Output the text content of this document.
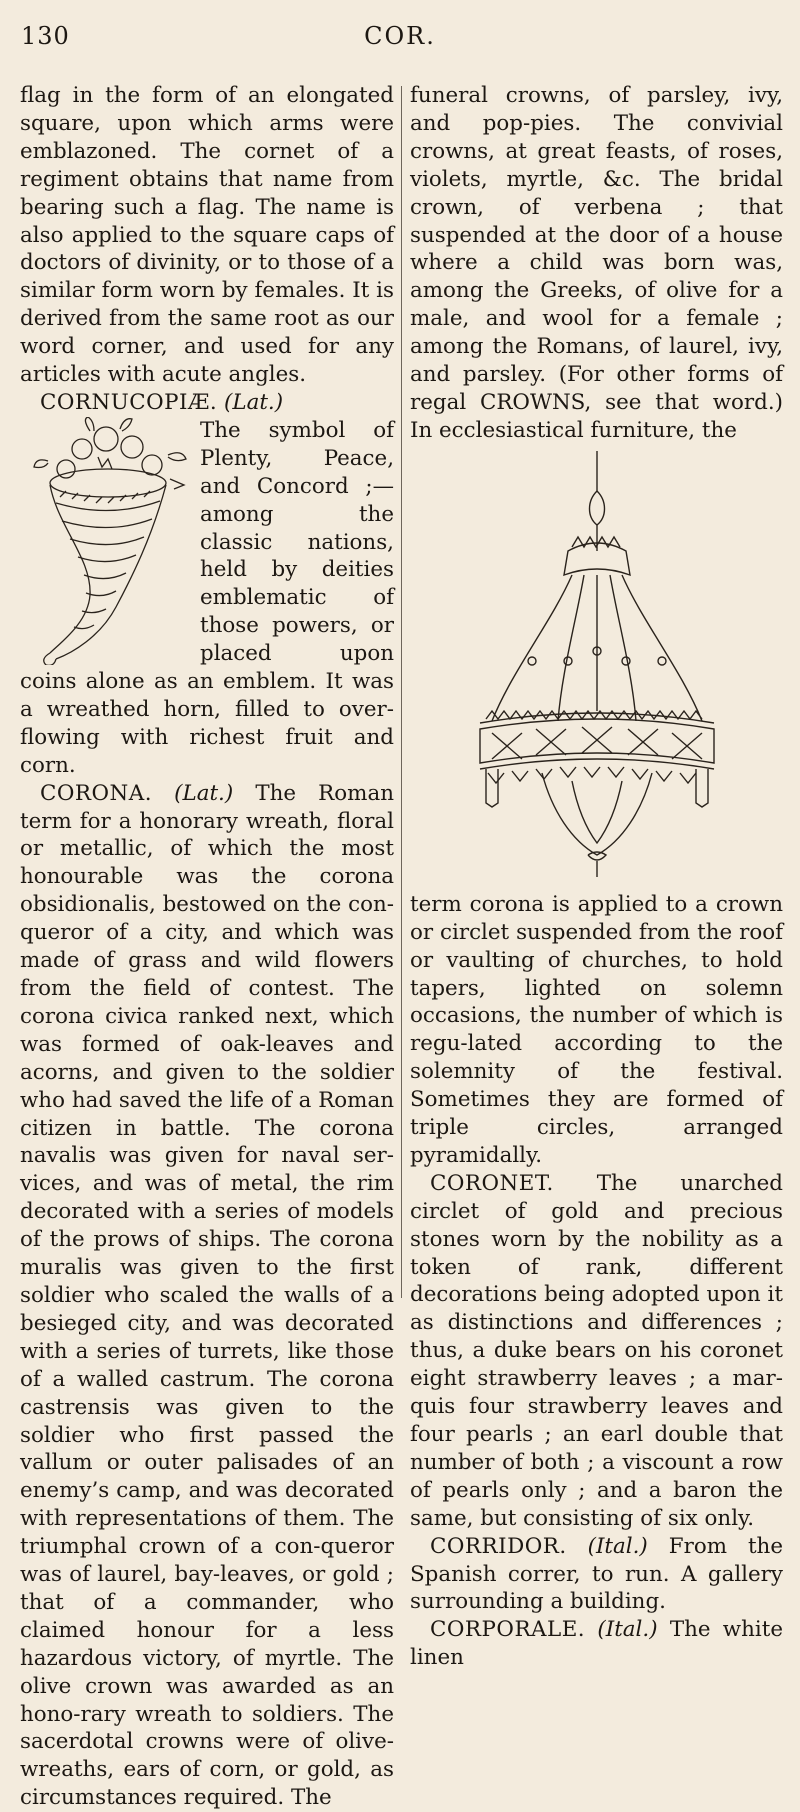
130	COR.

flag in the form of an elongated square, upon which arms were emblazoned. The cornet of a regiment obtains that name from bearing such a flag. The name is also applied to the square caps of doctors of divinity, or to those of a similar form worn by females. It is derived from the same root as our word corner, and used for any articles with acute angles.

CORNUCOPIÆ. (Lat.)

The symbol of Plenty, Peace, and Concord ;—among the classic nations, held by deities emblematic of those powers, or placed upon coins alone as an emblem. It was a wreathed horn, filled to over-flowing with richest fruit and corn.

CORONA. (Lat.) The Roman term for a honorary wreath, floral or metallic, of which the most honourable was the corona obsidionalis, bestowed on the con-queror of a city, and which was made of grass and wild flowers from the field of contest. The corona civica ranked next, which was formed of oak-leaves and acorns, and given to the soldier who had saved the life of a Roman citizen in battle. The corona navalis was given for naval ser-vices, and was of metal, the rim decorated with a series of models of the prows of ships. The corona muralis was given to the first soldier who scaled the walls of a besieged city, and was decorated with a series of turrets, like those of a walled castrum. The corona castrensis was given to the soldier who first passed the vallum or outer palisades of an enemy’s camp, and was decorated with representations of them. The triumphal crown of a con-queror was of laurel, bay-leaves, or gold ; that of a commander, who claimed honour for a less hazardous victory, of myrtle. The olive crown was awarded as an hono-rary wreath to soldiers. The sacerdotal crowns were of olive-wreaths, ears of corn, or gold, as circumstances required. The

funeral crowns, of parsley, ivy, and pop-pies. The convivial crowns, at great feasts, of roses, violets, myrtle, &c. The bridal crown, of verbena ; that suspended at the door of a house where a child was born was, among the Greeks, of olive for a male, and wool for a female ; among the Romans, of laurel, ivy, and parsley. (For other forms of regal CROWNS, see that word.) In ecclesiastical furniture, the

term corona is applied to a crown or circlet suspended from the roof or vaulting of churches, to hold tapers, lighted on solemn occasions, the number of which is regu-lated according to the solemnity of the festival. Sometimes they are formed of triple circles, arranged pyramidally.

CORONET. The unarched circlet of gold and precious stones worn by the nobility as a token of rank, different decorations being adopted upon it as distinctions and differences ; thus, a duke bears on his coronet eight strawberry leaves ; a mar-quis four strawberry leaves and four pearls ; an earl double that number of both ; a viscount a row of pearls only ; and a baron the same, but consisting of six only.

CORRIDOR. (Ital.) From the Spanish correr, to run. A gallery surrounding a building.

CORPORALE. (Ital.) The white linen
